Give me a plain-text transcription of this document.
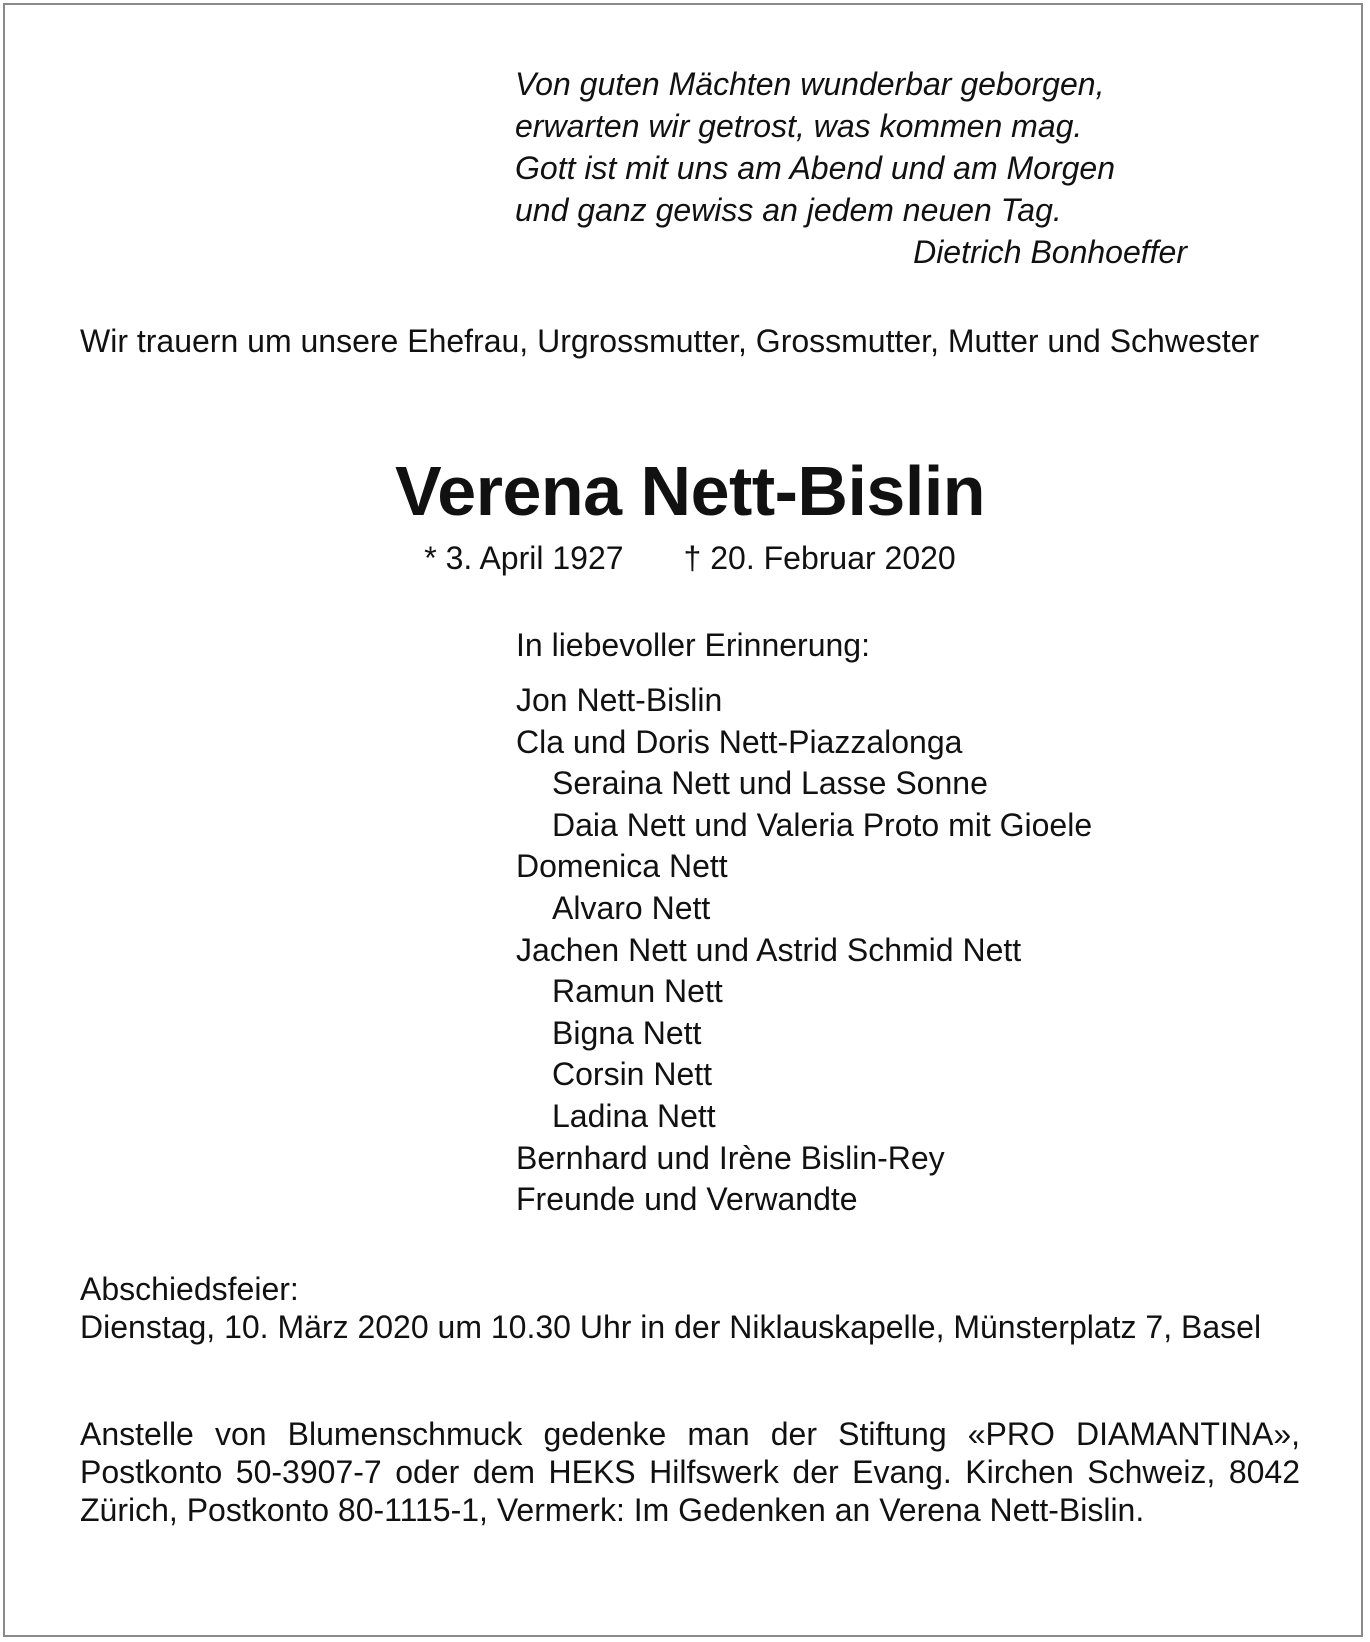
Von guten Mächten wunderbar geborgen,
erwarten wir getrost, was kommen mag.
Gott ist mit uns am Abend und am Morgen
und ganz gewiss an jedem neuen Tag.
Dietrich Bonhoeffer
Wir trauern um unsere Ehefrau, Urgrossmutter, Grossmutter, Mutter und Schwester
Verena Nett-Bislin
* 3. April 1927 † 20. Februar 2020
In liebevoller Erinnerung:
Jon Nett-Bislin
Cla und Doris Nett-Piazzalonga
Seraina Nett und Lasse Sonne
Daia Nett und Valeria Proto mit Gioele
Domenica Nett
Alvaro Nett
Jachen Nett und Astrid Schmid Nett
Ramun Nett
Bigna Nett
Corsin Nett
Ladina Nett
Bernhard und Irène Bislin-Rey
Freunde und Verwandte
Abschiedsfeier:
Dienstag, 10. März 2020 um 10.30 Uhr in der Niklauskapelle, Münsterplatz 7, Basel
Anstelle von Blumenschmuck gedenke man der Stiftung «PRO DIAMANTINA», Postkonto 50-3907-7 oder dem HEKS Hilfswerk der Evang. Kirchen Schweiz, 8042 Zürich, Postkonto 80-1115-1, Vermerk: Im Gedenken an Verena Nett-Bislin.
